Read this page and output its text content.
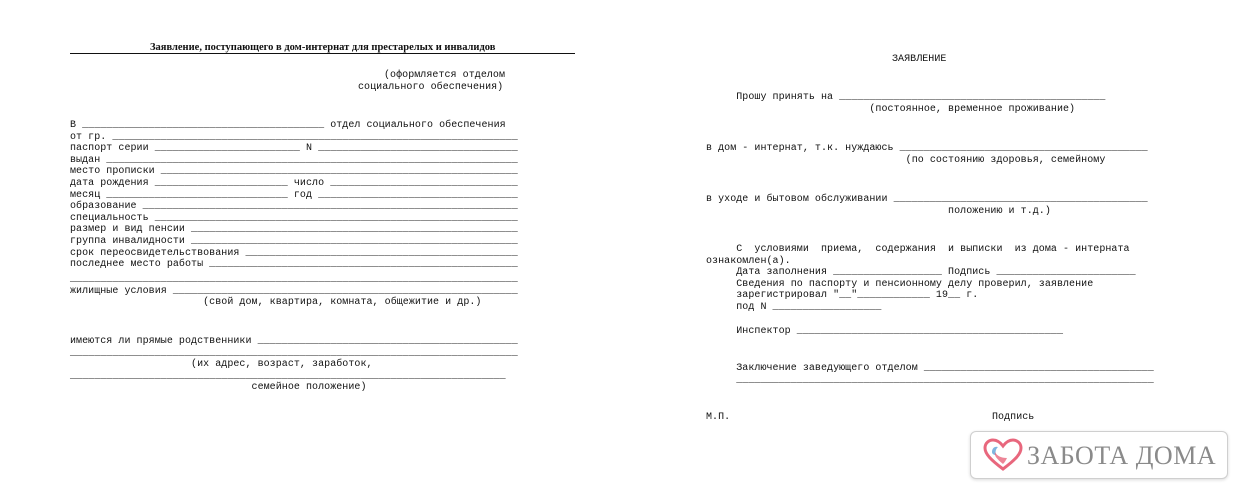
Заявление, поступающего в дом-интернат для престарелых и инвалидов
(оформляется отделом
социального обеспечения)
В ________________________________________ отдел социального обеспечения
от гр. ___________________________________________________________________
паспорт серии ________________________ N _________________________________
выдан ____________________________________________________________________
место прописки ___________________________________________________________
дата рождения ______________________ число _______________________________
месяц ______________________________ год _________________________________
образование ______________________________________________________________
специальность ____________________________________________________________
размер и вид пенсии ______________________________________________________
группа инвалидности ______________________________________________________
срок переосвидетельствования _____________________________________________
последнее место работы ___________________________________________________
__________________________________________________________________________
жилищные условия _________________________________________________________
(свой дом, квартира, комната, общежитие и др.)
имеются ли прямые родственники ___________________________________________
__________________________________________________________________________
(их адрес, возраст, заработок,
________________________________________________________________________
семейное положение)
ЗАЯВЛЕНИЕ
Прошу принять на ____________________________________________
(постоянное, временное проживание)
в дом - интернат, т.к. нуждаюсь _________________________________________
(по состоянию здоровья, семейному
в уходе и бытовом обслуживании __________________________________________
положению и т.д.)
С  условиями  приема,  содержания  и выписки  из дома - интерната
ознакомлен(а).
Дата заполнения __________________ Подпись _______________________
Сведения по паспорту и пенсионному делу проверил, заявление
зарегистрировал "__"____________ 19__ г.
под N __________________
Инспектор ____________________________________________
Заключение заведующего отделом ______________________________________
_____________________________________________________________________
М.П.	Подпись
ЗАБОТА ДОМА
